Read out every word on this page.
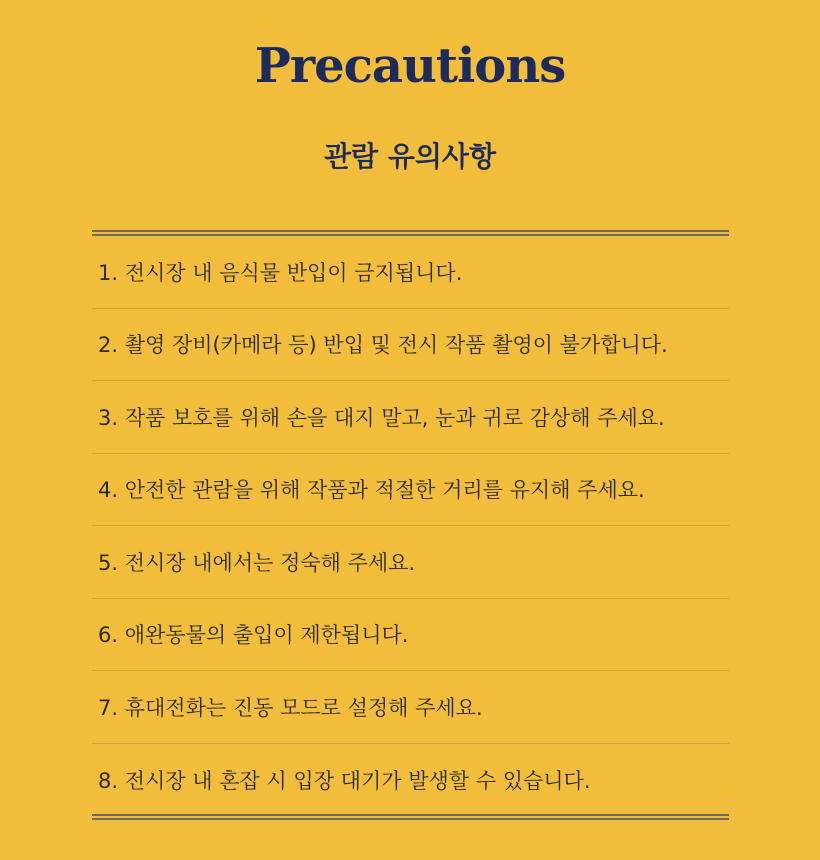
Precautions
관람 유의사항
1. 전시장 내 음식물 반입이 금지됩니다.
2. 촬영 장비(카메라 등) 반입 및 전시 작품 촬영이 불가합니다.
3. 작품 보호를 위해 손을 대지 말고, 눈과 귀로 감상해 주세요.
4. 안전한 관람을 위해 작품과 적절한 거리를 유지해 주세요.
5. 전시장 내에서는 정숙해 주세요.
6. 애완동물의 출입이 제한됩니다.
7. 휴대전화는 진동 모드로 설정해 주세요.
8. 전시장 내 혼잡 시 입장 대기가 발생할 수 있습니다.
